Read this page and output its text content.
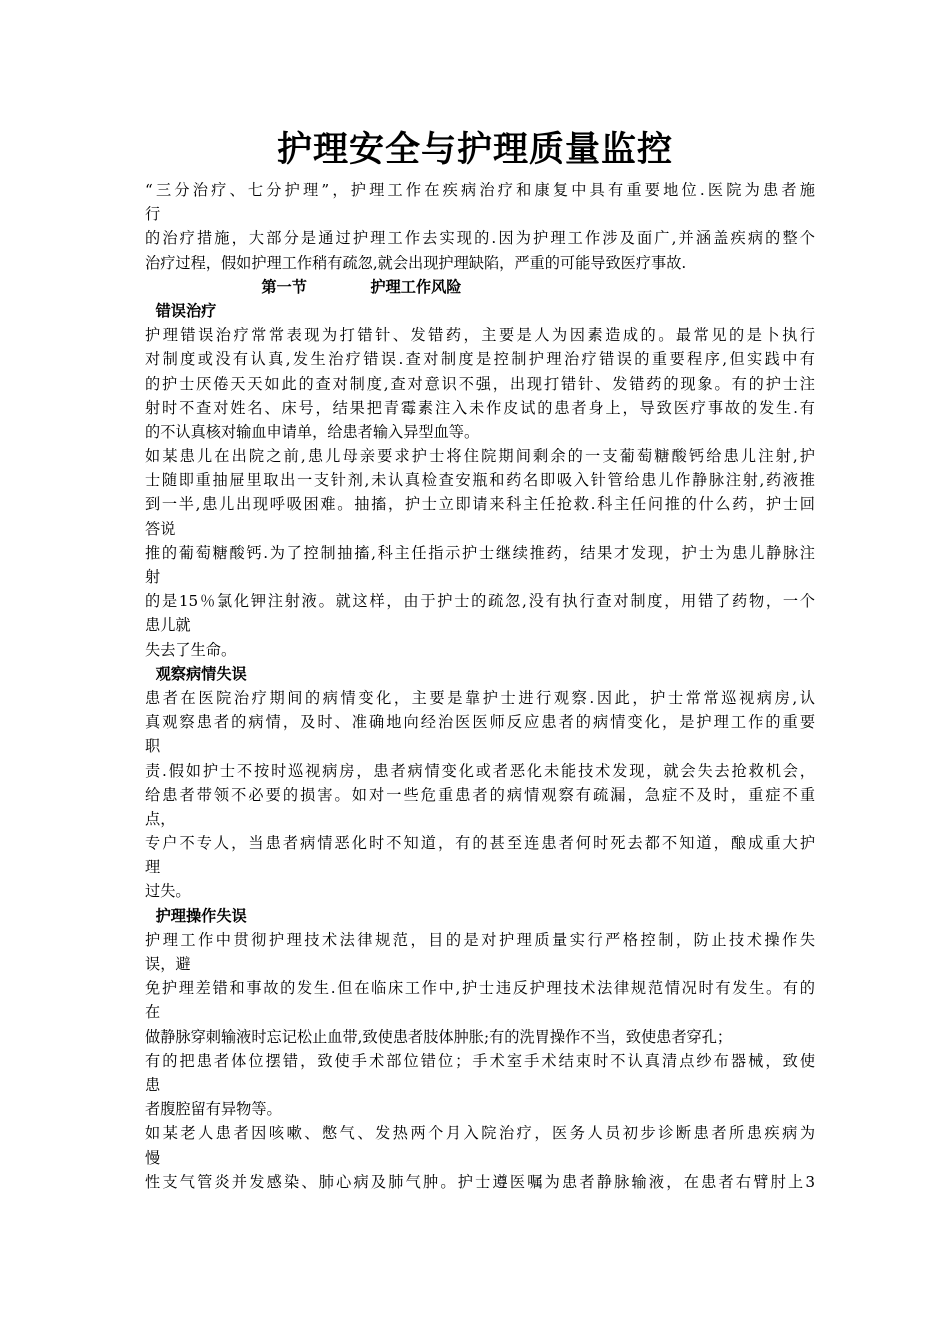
护理安全与护理质量监控
“三分治疗、七分护理”，护理工作在疾病治疗和康复中具有重要地位.医院为患者施
行
的治疗措施，大部分是通过护理工作去实现的.因为护理工作涉及面广,并涵盖疾病的整个
治疗过程，假如护理工作稍有疏忽,就会出现护理缺陷，严重的可能导致医疗事故.
第一节            护理工作风险
错误治疗
护理错误治疗常常表现为打错针、发错药，主要是人为因素造成的。最常见的是卜执行
对制度或没有认真,发生治疗错误.查对制度是控制护理治疗错误的重要程序,但实践中有
的护士厌倦天天如此的查对制度,查对意识不强，出现打错针、发错药的现象。有的护士注
射时不查对姓名、床号，结果把青霉素注入未作皮试的患者身上，导致医疗事故的发生.有
的不认真核对输血申请单，给患者输入异型血等。
如某患儿在出院之前,患儿母亲要求护士将住院期间剩余的一支葡萄糖酸钙给患儿注射,护
士随即重抽屉里取出一支针剂,未认真检查安瓶和药名即吸入针管给患儿作静脉注射,药液推
到一半,患儿出现呼吸困难。抽搐，护士立即请来科主任抢救.科主任问推的什么药，护士回
答说
推的葡萄糖酸钙.为了控制抽搐,科主任指示护士继续推药，结果才发现，护士为患儿静脉注
射
的是15％氯化钾注射液。就这样，由于护士的疏忽,没有执行查对制度，用错了药物，一个
患儿就
失去了生命。
观察病情失误
患者在医院治疗期间的病情变化，主要是靠护士进行观察.因此，护士常常巡视病房,认
真观察患者的病情，及时、准确地向经治医医师反应患者的病情变化，是护理工作的重要
职
责.假如护士不按时巡视病房，患者病情变化或者恶化未能技术发现，就会失去抢救机会，
给患者带领不必要的损害。如对一些危重患者的病情观察有疏漏，急症不及时，重症不重
点，
专户不专人，当患者病情恶化时不知道，有的甚至连患者何时死去都不知道，酿成重大护
理
过失。
护理操作失误
护理工作中贯彻护理技术法律规范，目的是对护理质量实行严格控制，防止技术操作失
误，避
免护理差错和事故的发生.但在临床工作中,护士违反护理技术法律规范情况时有发生。有的
在
做静脉穿刺输液时忘记松止血带,致使患者肢体肿胀;有的洗胃操作不当，致使患者穿孔；
有的把患者体位摆错，致使手术部位错位；手术室手术结束时不认真清点纱布器械，致使
患
者腹腔留有异物等。
如某老人患者因咳嗽、憋气、发热两个月入院治疗，医务人员初步诊断患者所患疾病为
慢
性支气管炎并发感染、肺心病及肺气肿。护士遵医嘱为患者静脉输液，在患者右臂肘上3
